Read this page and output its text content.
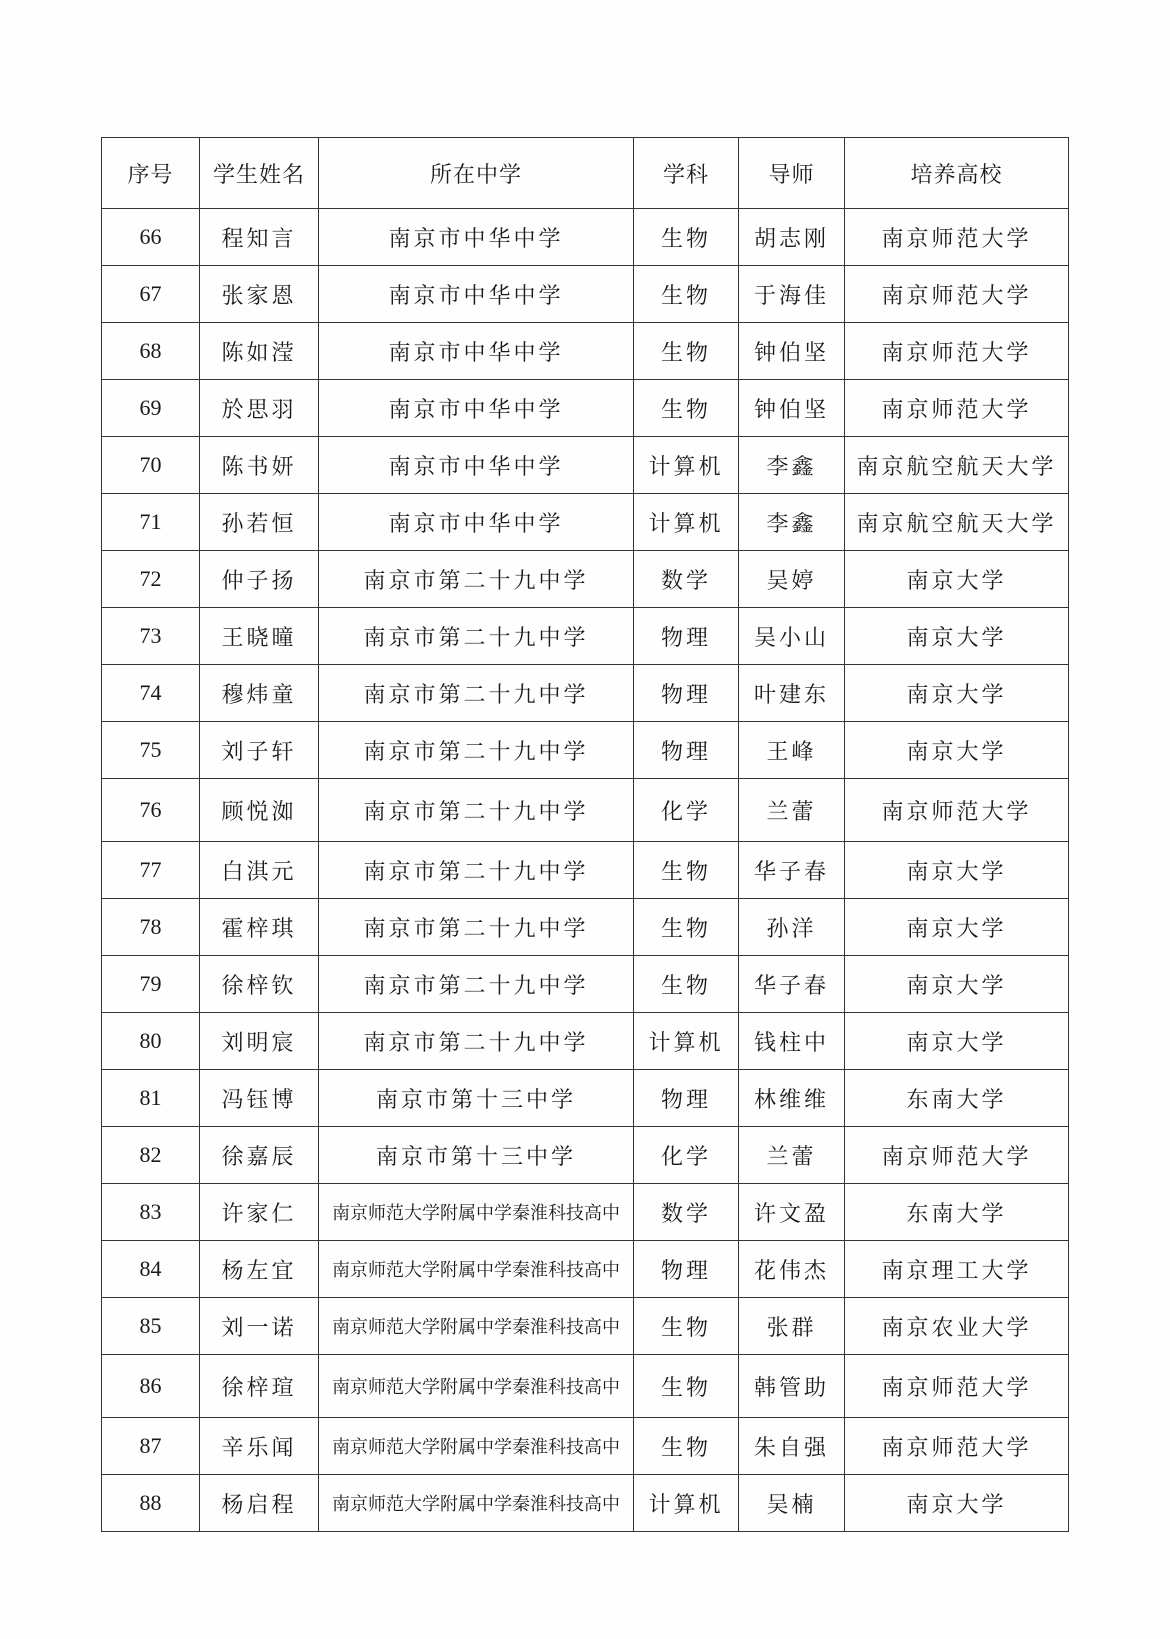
序号	学生姓名	所在中学	学科	导师	培养高校
66	程知言	南京市中华中学	生物	胡志刚	南京师范大学
67	张家恩	南京市中华中学	生物	于海佳	南京师范大学
68	陈如滢	南京市中华中学	生物	钟伯坚	南京师范大学
69	於思羽	南京市中华中学	生物	钟伯坚	南京师范大学
70	陈书妍	南京市中华中学	计算机	李鑫	南京航空航天大学
71	孙若恒	南京市中华中学	计算机	李鑫	南京航空航天大学
72	仲子扬	南京市第二十九中学	数学	吴婷	南京大学
73	王晓曈	南京市第二十九中学	物理	吴小山	南京大学
74	穆炜童	南京市第二十九中学	物理	叶建东	南京大学
75	刘子轩	南京市第二十九中学	物理	王峰	南京大学
76	顾悦洳	南京市第二十九中学	化学	兰蕾	南京师范大学
77	白淇元	南京市第二十九中学	生物	华子春	南京大学
78	霍梓琪	南京市第二十九中学	生物	孙洋	南京大学
79	徐梓钦	南京市第二十九中学	生物	华子春	南京大学
80	刘明宸	南京市第二十九中学	计算机	钱柱中	南京大学
81	冯钰博	南京市第十三中学	物理	林维维	东南大学
82	徐嘉辰	南京市第十三中学	化学	兰蕾	南京师范大学
83	许家仁	南京师范大学附属中学秦淮科技高中	数学	许文盈	东南大学
84	杨左宜	南京师范大学附属中学秦淮科技高中	物理	花伟杰	南京理工大学
85	刘一诺	南京师范大学附属中学秦淮科技高中	生物	张群	南京农业大学
86	徐梓瑄	南京师范大学附属中学秦淮科技高中	生物	韩管助	南京师范大学
87	辛乐闻	南京师范大学附属中学秦淮科技高中	生物	朱自强	南京师范大学
88	杨启程	南京师范大学附属中学秦淮科技高中	计算机	吴楠	南京大学
